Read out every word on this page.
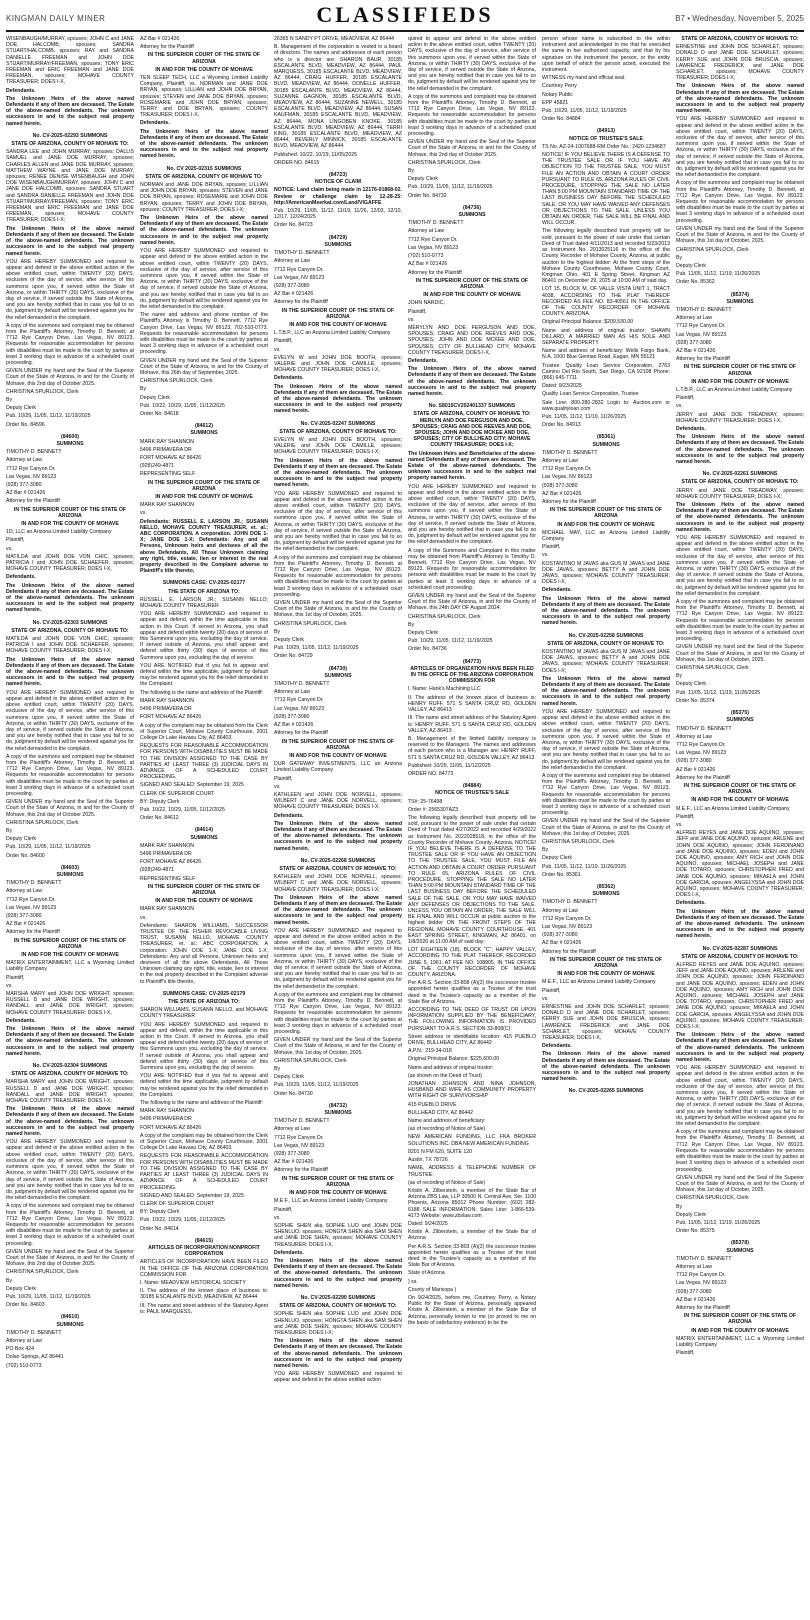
KINGMAN DAILY MINER	CLASSIFIEDS	B7 • Wednesday, November 5, 2025

WISENBAUGH/MURRAY, spouses; JOHN C and JANE DOE HALCOMB, spouses; SANDRA STUART/HALCOMB, spouses; RAY and SANDRA DANIELLE FREEMAN and JOHN DOE STUART/MURRAY/FREEMAN, spouses; TONY ERIC FREEMAN and ERIC FREEMAN and JANE DOE FREEMAN, spouses; MOHAVE COUNTY TREASURER; DOES I-X,

Defendants.

The Unknown Heirs of the above named Defendants if any of them are deceased. The Estate of the above-named defendants. The unknown successors in and to the subject real property named herein.

No. CV-2025-02293 SUMMONS

STATE OF ARIZONA, COUNTY OF MOHAVE TO:

SANDRA LEE and JOHN MURRAY, spouses; DALLIS SAMUEL and JANE DOE MURRAY, spouses; CHARLES ALLEN and JANE DOE MURRAY, spouses; MATTHEW WAYNE and JANE DOE MURRAY, spouses; RENEE DENISE WISENBAUGH and JOHN DOE WISENBAUGH/MURRAY, spouses; JOHN C and JANE DOE HALCOMB, spouses; SANDRA STUART and SANDRA DANIELLE FREEMAN and JOHN DOE STUART/MURRAY/FREEMAN, spouses; TONY ERIC FREEMAN and ERIC FREEMAN and JANE DOE FREEMAN, spouses; MOHAVE COUNTY TREASURER; DOES I-X;

The Unknown Heirs of the above named Defendants if any of them are deceased. The Estate of the above-named defendants. The unknown successors in and to the subject real property named herein.

YOU ARE HEREBY SUMMONED and required to appear and defend in the above entitled action in the above entitled court, within TWENTY (20) DAYS, exclusive of the day of service, after service of this summons upon you, if served within the State of Arizona, or within THIRTY (30) DAYS, exclusive of the day of service, if served outside the State of Arizona, and you are hereby notified that in case you fail to so do, judgment by default will be rendered against you for the relief demanded in the complaint.

A copy of the summons and complaint may be obtained from the Plaintiff's Attorney, Timothy D. Bennett, at 7712 Rye Canyon Drive, Las Vegas, NV 89123. Requests for reasonable accommodation for persons with disabilities must be made to the court by parties at least 3 working days in advance of a scheduled court proceeding.

GIVEN UNDER my hand and the Seal of the Superior Court of the State of Arizona, in and for the County of Mohave, this 2nd day of October 2025.

CHRISTINA SPURLOCK, Clerk

By

Deputy Clerk

Pub. 10/29, 11/05, 11/12, 11/19/2025

Order No. 84596

(84600)
SUMMONS

TIMOTHY D. BENNETT

Attorney at Law

7712 Rye Canyon Dr.

Las Vegas, NV 89123

(928) 377-3080

AZ Bar # 021426

Attorney for the Plaintiff

IN THE SUPERIOR COURT OF THE STATE OF ARIZONA

IN AND FOR THE COUNTY OF MOHAVE

1D, LLC an Arizona Limited Liability Company

Plaintiff,

vs.

MATILDA and JOHN DOE VON CHIC, spouses; PATRICIA I and JOHN DOE SCHAEFER, spouses; MOHAVE COUNTY TREASURER; DOES I-X,

Defendants.

The Unknown Heirs of the above named Defendants if any of them are deceased. The Estate of the above-named defendants. The unknown successors in and to the subject real property named herein.

No. CV-2025-02303 SUMMONS

STATE OF ARIZONA, COUNTY OF MOHAVE TO:

MATILDA and JOHN DOE VON CHIC, spouses; PATRICIA I and JOHN DOE SCHAEFER, spouses; MOHAVE COUNTY TREASURER; DOES I-X;

The Unknown Heirs of the above named Defendants if any of them are deceased. The Estate of the above-named defendants. The unknown successors in and to the subject real property named herein.

YOU ARE HEREBY SUMMONED and required to appear and defend in the above entitled action in the above entitled court, within TWENTY (20) DAYS, exclusive of the day of service, after service of this summons upon you, if served within the State of Arizona, or within THIRTY (30) DAYS, exclusive of the day of service, if served outside the State of Arizona, and you are hereby notified that in case you fail to so do, judgment by default will be rendered against you for the relief demanded in the complaint.

A copy of the summons and complaint may be obtained from the Plaintiff's Attorney, Timothy D. Bennett, at 7712 Rye Canyon Drive, Las Vegas, NV 89123. Requests for reasonable accommodation for persons with disabilities must be made to the court by parties at least 3 working days in advance of a scheduled court proceeding.

GIVEN UNDER my hand and the Seal of the Superior Court of the State of Arizona, in and for the County of Mohave, this 2nd day of October 2025.

CHRISTINA SPURLOCK, Clerk

By

Deputy Clerk

Pub. 10/29, 11/05, 11/12, 11/19/2025

Order No. 84600

(84603)
SUMMONS

TIMOTHY D. BENNETT

Attorney at Law

7712 Rye Canyon Dr.

Las Vegas, NV 89123

(928) 377-3080

AZ Bar # 021426

Attorney for the Plaintiff

IN THE SUPERIOR COURT OF THE STATE OF ARIZONA

IN AND FOR THE COUNTY OF MOHAVE

MATRIX ENTERTAINMENT, LLC a Wyoming Limited Liability Company

Plaintiff,

vs.

MARSHA MARY and JOHN DOE WRIGHT, spouses; RUSSELL D and JANE DOE WRIGHT, spouses; RANDALL and JANE DOE WRIGHT, spouses; MOHAVE COUNTY TREASURER; DOES I-X,

Defendants.

The Unknown Heirs of the above named Defendants if any of them are deceased. The Estate of the above-named defendants. The unknown successors in and to the subject real property named herein.

No. CV-2025-02304 SUMMONS

STATE OF ARIZONA, COUNTY OF MOHAVE TO:

MARSHA MARY and JOHN DOE WRIGHT, spouses; RUSSELL D and JANE DOE WRIGHT, spouses; RANDALL and JANE DOE WRIGHT, spouses; MOHAVE COUNTY TREASURER; DOES I-X;

The Unknown Heirs of the above named Defendants if any of them are deceased. The Estate of the above-named defendants. The unknown successors in and to the subject real property named herein.

YOU ARE HEREBY SUMMONED and required to appear and defend in the above entitled action in the above entitled court, within TWENTY (20) DAYS, exclusive of the day of service, after service of this summons upon you, if served within the State of Arizona, or within THIRTY (30) DAYS, exclusive of the day of service, if served outside the State of Arizona, and you are hereby notified that in case you fail to so do, judgment by default will be rendered against you for the relief demanded in the complaint.

A copy of the summons and complaint may be obtained from the Plaintiff's Attorney, Timothy D. Bennett, at 7712 Rye Canyon Drive, Las Vegas, NV 89123. Requests for reasonable accommodation for persons with disabilities must be made to the court by parties at least 3 working days in advance of a scheduled court proceeding.

GIVEN UNDER my hand and the Seal of the Superior Court of the State of Arizona, in and for the County of Mohave, this 2nd day of October 2025.

CHRISTINA SPURLOCK, Clerk

By

Deputy Clerk

Pub. 10/29, 11/05, 11/12, 11/19/2025

Order No. 84603

(84610)
SUMMONS

TIMOTHY D. BENNETT

Attorney at Law

PO Box 424

Dolan Springs, AZ 86441

(702) 510-0773

AZ Bar # 021426

Attorney for the Plaintiff

IN THE SUPERIOR COURT OF THE STATE OF ARIZONA

IN AND FOR THE COUNTY OF MOHAVE

TEN SLEEP TECH, LLC a Wyoming Limited Liability Company, Plaintiff, vs. NORMAN and JANE DOE BRYAN, spouses; LILLIAN and JOHN DOE BRYAN, spouses; STEVEN and JANE DOE BRYAN, spouses; ROSEMARIE and JOHN DOE BRYAN, spouses; TERRY and DOE BRYAN, spouses; COUNTY TREASURER; DOES I-X,

Defendants.

The Unknown Heirs of the above named Defendants if any of them are deceased. The Estate of the above-named defendants. The unknown successors in and to the subject real property named herein.

No. CV 2025-02315 SUMMONS

STATE OF ARIZONA, COUNTY OF MOHAVE TO:

NORMAN and JANE DOE BRYAN, spouses; LILLIAN and JOHN DOE BRYAN, spouses; STEVEN and JANE DOE BRYAN, spouses; ROSEMARIE and JOHN DOE BRYAN, spouses; TERRY and JOHN DOE BRYAN, spouses; COUNTY TREASURER; DOES I-X;

The Unknown Heirs of the above named Defendants if any of them are deceased. The Estate of the above-named defendants. The unknown successors in and to the subject real property named herein.

YOU ARE HEREBY SUMMONED and required to appear and defend in the above entitled action in the above entitled court, within TWENTY (20) DAYS, exclusive of the day of service, after service of this summons upon you, if served within the State of Arizona, or within THIRTY (30) DAYS, exclusive of the day of service, if served outside the State of Arizona, and you are hereby notified that in case you fail to so do, judgment by default will be rendered against you for the relief demanded in the complaint.

The name and address and phone number of the Plaintiff's Attorney is Timothy D. Bennett, 7712 Rye Canyon Drive, Las Vegas, NV 89123, 702-510-0773. Requests for reasonable accommodation for persons with disabilities must be made to the court by parties at least 3 working days in advance of a scheduled court proceeding.

GIVEN UNDER my hand and the Seal of the Superior Court of the State of Arizona, in and for the County of Mohave, this 26th day of September, 2025.

CHRISTINA SPURLOCK, Clerk

By

Deputy Clerk

Pub. 10/22, 10/29, 11/05, 11/12/2025

Order No. 84618

(84612)
SUMMONS

MARK RAY SHANNON

5496 PRIMAVERA DR

FORT MOHAVE AZ 86426

(928)249-4871

REPRESENTING SELF

IN THE SUPERIOR COURT OF THE STATE OF ARIZONA

IN AND FOR THE COUNTY OF MOHAVE

MARK RAY SHANNON

vs.

Defendants: RUSSELL E. LARSON JR.; SUSANN NELLO, MOHAVE COUNTY TREASURER, et. al.; ABC CORPORATION. A corporation. JOHN DOE 1-X; JANE DOE 1-X; Defendants: Any and all Persons, Unknown heirs and devisees of all the above Defendants, All Those Unknown claiming any right, title, estate, lien or interest in the real property described in the Complaint adverse to Plaintiff's title thereto,

SUMMONS CASE: CV-2025-02177

THE STATE OF ARIZONA TO:

RUSSELL E. LARSON JR.; SUSANN NELLO; MOHAVE COUNTY TREASURER

YOU ARE HEREBY SUMMONED and required to appear and defend, within the time applicable in this action in this Court. If served in Arizona, you shall appear and defend within twenty (20) days of service of this Summons upon you, excluding the day of service. If served outside of Arizona, you shall appear and defend within thirty (30) days of service of this Summons upon you, excluding the day of service.

YOU ARE NOTIFIED that if you fail to appear and defend within the time applicable, judgment by default may be rendered against you for the relief demanded in the Complaint.

The following is the name and address of the Plaintiff:

MARK RAY SHANNON

5496 PRIMAVERA DR

FORT MOHAVE AZ 86426

A copy of the complaint may be obtained from the Clerk of Superior Court, Mohave County Courthouse, 2001 College Dr Lake Havasu City, AZ 86403.

REQUESTS FOR REASONABLE ACCOMMODATION FOR PERSONS WITH DISABILITIES MUST BE MADE TO THE DIVISION ASSIGNED TO THE CASE BY PARTIES AT LEAST THREE (3) JUDICIAL DAYS IN ADVANCE OF A SCHEDULED COURT PROCEEDING.

SIGNED AND SEALED: September 19, 2025

CLERK OF SUPERIOR COURT

BY: Deputy Clerk

Pub. 10/22, 10/29, 11/05, 11/12/2025

Order No. 84612

(84614)
SUMMONS

MARK RAY SHANNON

5496 PRIMAVERA DR

FORT MOHAVE AZ 86426

(928)249-4871

REPRESENTING SELF

IN THE SUPERIOR COURT OF THE STATE OF ARIZONA

IN AND FOR THE COUNTY OF MOHAVE

MARK RAY SHANNON

vs.

Defendants: SHARON WILLIAMS, SUCCESSOR TRUSTEE OF THE FISHER REVOCABLE LIVING TRUST, SUSANN NELLO, MOHAVE COUNTY TREASURER, et. al.; ABC CORPORATION. A corporation. JOHN DOE 1-X; JANE DOE 1-X; Defendants: Any and all Persons, Unknown heirs and devisees of all the above Defendants, All Those Unknown claiming any right, title, estate, lien or interest in the real property described in the Complaint adverse to Plaintiff's title thereto,

SUMMONS CASE: CV-2025-02179

THE STATE OF ARIZONA TO:

SHARON WILLIAMS, SUSANN NELLO, and MOHAVE COUNTY TREASURER

YOU ARE HEREBY SUMMONED and required to appear and defend, within the time applicable in this action in this Court. If served in Arizona, you shall appear and defend within twenty (20) days of service of this Summons upon you, excluding the day of service. If served outside of Arizona, you shall appear and defend within thirty (30) days of service of this Summons upon you, excluding the day of service.

YOU ARE NOTIFIED that if you fail to appear and defend within the time applicable, judgment by default may be rendered against you for the relief demanded in the Complaint.

The following is the name and address of the Plaintiff:

MARK RAY SHANNON

5496 PRIMAVERA DR

FORT MOHAVE AZ 86426

A copy of the complaint may be obtained from the Clerk of Superior Court, Mohave County Courthouse, 2001 College Dr Lake Havasu City, AZ 86403.

REQUESTS FOR REASONABLE ACCOMMODATION FOR PERSONS WITH DISABILITIES MUST BE MADE TO THE DIVISION ASSIGNED TO THE CASE BY PARTIES AT LEAST THREE (3) JUDICIAL DAYS IN ADVANCE OF A SCHEDULED COURT PROCEEDING.

SIGNED AND SEALED: September 19, 2025

CLERK OF SUPERIOR COURT

BY: Deputy Clerk

Pub. 10/22, 10/29, 11/05, 11/12/2025

Order No. 84614

(84615)
ARTICLES OF INCORPORATION NONPROFIT CORPORATION

ARTICLES OF INCORPORATION HAVE BEEN FILED IN THE OFFICE OF THE ARIZONA CORPORATION COMMISSION FOR

I. Name: MEADVIEW HISTORICAL SOCIETY

II. The address of the known place of business is: 30185 ESCALANTE BLVD, MEADVIEW, AZ 86444

III. The name and street address of the Statutory Agent is: PAUL MARQUESS,

26365 N SANDY PT DRIVE, MEADVIEW, AZ 86444

B. Management of the corporation is vested in a board of directors. The names and addresses of each person who is a director are: SHARON BAUR, 30185 ESCALANTE BLVD, MEADVIEW, AZ 86444, PAUL MARQUESS, 30185 ESCALANTE BLVD, MEADVIEW, AZ 86444, CRAIG HUFFER, 30185 ESCALANTE BLVD, MEADVIEW, AZ 86444, DONELLE HUFFER, 30185 ESCALANTE BLVD, MEADVIEW, AZ 86444, SUZANNE GAGNON, 30185 ESCALANTE BLVD, MEADVIEW, AZ 86444, SUZANNE NEWELL, 30185 ESCALANTE BLVD, MEADVIEW, AZ 86444, SUSAN KAUFMAN, 30185 ESCALANTE BLVD, MEADVIEW, AZ 86444, MONA LINGOBEN KNOKE, 30185 ESCALANTE BLVD, MEADVIEW, AZ 86444, TERRI KING, 30185 ESCALANTE BLVD, MEADVIEW, AZ 86444, BEVERLY MINNICK, 30185 ESCALANTE BLVD, MEADVIEW, AZ 86444

Published: 10/22, 10/29, 11/05/2025

ORDER NO. 84615

(84723)
NOTICE OF CLAIM

NOTICE: Land claim being made in 12176-01868-02. Review or challenge claim by 12-28-25: http://AmericanMeerkat.com/Land/VIGAFFE

Pub. 10/29, 11/05, 11/12, 11/19, 11/26, 12/03, 12/10, 12/17, 12/24/2025

Order No. 84723

(84729)
SUMMONS

TIMOTHY D. BENNETT

Attorney at Law

7712 Rye Canyon Dr.

Las Vegas, NV 89123

(928) 377-3080

AZ Bar # 021426

Attorney for the Plaintiff

IN THE SUPERIOR COURT OF THE STATE OF ARIZONA

IN AND FOR THE COUNTY OF MOHAVE

L.T.B.P., LLC an Arizona Limited Liability Company

Plaintiff,

vs.

EVELYN W and JOHN DOE BOOTH, spouses; VALERIE and JOHN DOE CAMILLE, spouses; MOHAVE COUNTY TREASURER; DOES I-X,

Defendants.

The Unknown Heirs of the above named Defendants if any of them are deceased. The Estate of the above-named defendants. The unknown successors in and to the subject real property named herein.

No. CV-2025-02247 SUMMONS

STATE OF ARIZONA, COUNTY OF MOHAVE TO:

EVELYN W and JOHN DOE BOOTH, spouses; VALERIE and JOHN DOE CAMILLE, spouses; MOHAVE COUNTY TREASURER; DOES I-X;

The Unknown Heirs of the above named Defendants if any of them are deceased. The Estate of the above-named defendants. The unknown successors in and to the subject real property named herein.

YOU ARE HEREBY SUMMONED and required to appear and defend in the above entitled action in the above entitled court, within TWENTY (20) DAYS, exclusive of the day of service, after service of this summons upon you, if served within the State of Arizona, or within THIRTY (30) DAYS, exclusive of the day of service, if served outside the State of Arizona, and you are hereby notified that in case you fail to so do, judgment by default will be rendered against you for the relief demanded in the complaint.

A copy of the summons and complaint may be obtained from the Plaintiff's Attorney, Timothy D. Bennett, at 7712 Rye Canyon Drive, Las Vegas, NV 89123. Requests for reasonable accommodation for persons with disabilities must be made to the court by parties at least 3 working days in advance of a scheduled court proceeding.

GIVEN UNDER my hand and the Seal of the Superior Court of the State of Arizona, in and for the County of Mohave, this 1st day of October, 2025.

CHRISTINA SPURLOCK, Clerk

By

Deputy Clerk

Pub. 10/29, 11/05, 11/12, 11/19/2025

Order No. 84729

(84730)
SUMMONS

TIMOTHY D. BENNETT

Attorney at Law

7712 Rye Canyon Dr.

Las Vegas, NV 89123

(928) 377-3080

AZ Bar # 021426

Attorney for the Plaintiff

IN THE SUPERIOR COURT OF THE STATE OF ARIZONA

IN AND FOR THE COUNTY OF MOHAVE

DUR GATEWAY INVESTMENTS, LLC an Arizona Limited Liability Company

Plaintiff,

vs.

KATHLEEN and JOHN DOE NORVELL, spouses; WILBERT C and JANE DOE NORVELL, spouses; MOHAVE COUNTY TREASURER; DOES I-X,

Defendants.

The Unknown Heirs of the above named Defendants if any of them are deceased. The Estate of the above-named defendants. The unknown successors in and to the subject real property named herein.

No. CV-2025-02268 SUMMONS

STATE OF ARIZONA, COUNTY OF MOHAVE TO:

KATHLEEN and JOHN DOE NORVELL, spouses; WILBERT C and JANE DOE NORVELL, spouses; MOHAVE COUNTY TREASURER; DOES I-X;

The Unknown Heirs of the above named Defendants if any of them are deceased. The Estate of the above-named defendants. The unknown successors in and to the subject real property named herein.

YOU ARE HEREBY SUMMONED and required to appear and defend in the above entitled action in the above entitled court, within TWENTY (20) DAYS, exclusive of the day of service, after service of this summons upon you, if served within the State of Arizona, or within THIRTY (30) DAYS, exclusive of the day of service, if served outside the State of Arizona, and you are hereby notified that in case you fail to so do, judgment by default will be rendered against you for the relief demanded in the complaint.

A copy of the summons and complaint may be obtained from the Plaintiff's Attorney, Timothy D. Bennett, at 7712 Rye Canyon Drive, Las Vegas, NV 89123. Requests for reasonable accommodation for persons with disabilities must be made to the court by parties at least 3 working days in advance of a scheduled court proceeding.

GIVEN UNDER my hand and the Seal of the Superior Court of the State of Arizona, in and for the County of Mohave, this 1st day of October, 2025.

CHRISTINA SPURLOCK, Clerk

By

Deputy Clerk

Pub. 10/29, 11/05, 11/12, 11/19/2025

Order No. 84730

(84732)
SUMMONS

TIMOTHY D. BENNETT

Attorney at Law

7712 Rye Canyon Dr.

Las Vegas, NV 89123

(928) 377-3080

AZ Bar # 021426

Attorney for the Plaintiff

IN THE SUPERIOR COURT OF THE STATE OF ARIZONA

IN AND FOR THE COUNTY OF MOHAVE

M.E.F., LLC an Arizona Limited Liability Company

Plaintiff,

vs.

SOPHIE SHEN aka SOPHIE LUO and JOHN DOE SHENLUO, spouses; HONGTA SHEN aka SAM SHEN and JANE DOE SHEN, spouses; MOHAVE COUNTY TREASURER; DOES I-X,

Defendants.

The Unknown Heirs of the above named Defendants if any of them are deceased. The Estate of the above-named defendants. The unknown successors in and to the subject real property named herein.

No. CV-2025-02290 SUMMONS

STATE OF ARIZONA, COUNTY OF MOHAVE TO:

SOPHIE SHEN aka SOPHIE LUO and JOHN DOE SHENLUO, spouses; HONGTA SHEN aka SAM SHEN and JANE DOE SHEN, spouses; MOHAVE COUNTY TREASURER; DOES I-X;

The Unknown Heirs of the above named Defendants if any of them are deceased. The Estate of the above-named defendants. The unknown successors in and to the subject real property named herein.

YOU ARE HEREBY SUMMONED and required to appear and defend in the above entitled action

quired to appear and defend in the above entitled action in the above entitled court, within TWENTY (20) DAYS, exclusive of the day of service, after service of this summons upon you, if served within the State of Arizona, or within THIRTY (30) DAYS, exclusive of the day of service, if served outside the State of Arizona, and you are hereby notified that in case you fail to so do, judgment by default will be rendered against you for the relief demanded in the complaint.

A copy of the summons and complaint may be obtained from the Plaintiff's Attorney, Timothy D. Bennett, at 7712 Rye Canyon Drive, Las Vegas, NV 89123. Requests for reasonable accommodation for persons with disabilities must be made to the court by parties at least 3 working days in advance of a scheduled court proceeding.

GIVEN UNDER my hand and the Seal of the Superior Court of the State of Arizona, in and for the County of Mohave, this 2nd day of October 2025.

CHRISTINA SPURLOCK, Clerk

By

Deputy Clerk

Pub. 10/29, 11/05, 11/12, 11/19/2025

Order No. 84732

(84736)
SUMMONS

TIMOTHY D. BENNETT

Attorney at Law

7712 Rye Canyon Dr.

Las Vegas, NV 89123

(702) 510-0773

AZ Bar # 021426

Attorney for the Plaintiff

IN THE SUPERIOR COURT OF THE STATE OF ARIZONA

IN AND FOR THE COUNTY OF MOHAVE

JOHN NARDIC,

Plaintiff,

vs.

MERYLYN AND DOE FERGUSON AND DOE, SPOUSES; CRAIG AND DOE REEVES AND DOE, SPOUSES; JOHN AND DOE MCKEE AND DOE, SPOUSES; CITY OF BULLHEAD CITY; MOHAVE COUNTY TREASURER; DOES I-X,

Defendants.

The Unknown Heirs of the above named Defendants if any of them are deceased. The Estate of the above-named defendants. The unknown successors in and to the subject real property named herein.

No. S8015CV202401337 SUMMONS

STATE OF ARIZONA, COUNTY OF MOHAVE TO: MERLYN AND DOE FERGUSON AND DOE, SPOUSES; CRAIG AND DOE REEVES AND DOE, SPOUSES; JOHN AND DOE MCKEE AND DOE, SPOUSES; CITY OF BULLHEAD CITY; MOHAVE COUNTY TREASURER; DOES I-X;

The Unknown Heirs and Beneficiaries of the above-named Defendants if any of them are deceased. The Estate of the above-named defendants. The unknown successors in and to the subject real property named herein.

YOU ARE HEREBY SUMMONED and required to appear and defend in the above entitled action in the above entitled court, within TWENTY (20) DAYS, exclusive of the day of service, after service of this summons upon you, if served within the State of Arizona, or within THIRTY (30) DAYS, exclusive of the day of service, if served outside the State of Arizona, and you are hereby notified that in case you fail to so do, judgment by default will be rendered against you for the relief demanded in the complaint.

A copy of the Summons and Complaint in this matter may be obtained from Plaintiff's Attorney is Timothy D. Bennett, 7712 Rye Canyon Drive, Las Vegas, NV 89123. Requests for reasonable accommodation for persons with disabilities must be made to the court by parties at least 3 working days in advance of a scheduled court proceeding.

GIVEN UNDER my hand and the Seal of the Superior Court of the State of Arizona, in and for the County of Mohave, this 24th DAY OF August 2024.

CHRISTINA SPURLOCK, Clerk

By

Deputy Clerk

Pub. 10/29, 11/05, 11/12, 11/19/2025

Order No. 84736

(84773)
ARTICLES OF ORGANIZATION HAVE BEEN FILED IN THE OFFICE OF THE ARIZONA CORPORATION COMMISSION FOR

I. Name: Hank's Machining LLC

II. The address of the known place of business is: HENRY RUFF, 571 S SANTA CRUZ RD, GOLDEN VALLEY, AZ 86413

III. The name and street address of the Statutory Agent is: HENRY RUFF, 571 S SANTA CRUZ RD, GOLDEN VALLEY, AZ 86413

B. Management of the limited liability company is reserved to the Managers. The names and addresses of each person who is a Manager are: HENRY RUFF, 571 S SANTA CRUZ RD, GOLDEN VALLEY, AZ 86413

Published: 10/29, 11/05, 11/12/2025

ORDER NO. 84773

(84884)
NOTICE OF TRUSTEE'S SALE

TS#: 25-76498

Order #: 2565307AZ3

The following legally described trust property will be sold, pursuant to the power of sale under that certain Deed of Trust dated 4/27/2022 and recorded 4/29/2022 as Instrument No. 2022028518, in the office of the County Recorder of Mohave County, Arizona, NOTICE! IF YOU BELIEVE THERE IS A DEFENSE TO THE TRUSTEE SALE OR IF YOU HAVE AN OBJECTION TO THE TRUSTEE SALE, YOU MUST FILE AN ACTION AND OBTAIN A COURT ORDER PURSUANT TO RULE 65, ARIZONA RULES OF CIVIL PROCEDURE, STOPPING THE SALE NO LATER THAN 5:00 PM MOUNTAIN STANDARD TIME OF THE LAST BUSINESS DAY BEFORE THE SCHEDULED SALE OF THE SALE, OR YOU MAY HAVE WAIVED ANY DEFENSES OR OBJECTIONS TO THE SALE. UNLESS YOU OBTAIN AN ORDER, THE SALE WILL BE FINAL AND WILL OCCUR at public auction to the highest bidder ON THE FRONT STEPS OF THE REGIONAL MOHAVE COUNTY COURTHOUSE, 401 EAST SPRING STREET, KINGMAN, AZ 86401, on 1/8/2026 at 11:00 AM of said day:

LOT EIGHTEEN (18), BLOCK "C", HAPPY VALLEY, ACCORDING TO THE PLAT THEREOF, RECORDED JUNE 5, 1961, AT FEE NO. 108905, IN THE OFFICE OF THE COUNTY RECORDER OF MOHAVE COUNTY, ARIZONA.

Per A.R.S. Section 33-808 (A)(2) the successor trustee appointed herein qualifies as a Trustee of the trust deed in the Trustee's capacity as a member of the State Bar of Arizona.

ACCORDING TO THE DEED OF TRUST OR UPON INFORMATION SUPPLIED BY THE BENEFICIARY, THE FOLLOWING INFORMATION IS PROVIDED PURSUANT TO A.R.S. SECTION 33-808(C):

Street address or identifiable location: 415 PUEBLO DRIVE, BULLHEAD CITY, AZ 86442

A.P.N.: 219-34-018

Original Principal Balance: $225,600.00

Name and address of original trustor:

(as shown on the Deed of Trust)

JONATHAN JOHNSON AND NINA JOHNSON, HUSBAND AND WIFE AS COMMUNITY PROPERTY WITH RIGHT OF SURVIVORSHIP

415 PUEBLO DRIVE

BULLHEAD CITY, AZ 86442

Name and address of beneficiary:

(as of recording of Notice of Sale)

NEW AMERICAN FUNDING, LLC FKA BROKER SOLUTIONS INC. DBA NEW AMERICAN FUNDING

8201 N FM 620, SUITE 120

Austin, TX 78726

NAME, ADDRESS & TELEPHONE NUMBER OF TRUSTEE:

(as of recording of Notice of Sale)

Kristin A. Zilberstein, a member of the State Bar of Arizona ZBS Law, LLP 30500 N. Central Ave, Ste. 1100 Phoenix, Arizona 85012 Phone Number: (602) 282-6188 SALE INFORMATION: Sales Line: 1-866-539-4173 Website: www.zbslaw.com

Dated: 9/24/2025

Kristin A. Zilberstein, a member of the State Bar of Arizona

Per A.R.S. Section 33-803 (A)(2) the successor trustee appointed herein qualifies as a Trustee of the trust deed in the Trustee's capacity as a member of the State Bar of Arizona.

State of Arizona

) ss.

County of Maricopa )

On 9/24/2025, before me, Courtney Perry, a Notary Public for the State of Arizona, personally appeared Kristin A. Zilberstein, a member of the State Bar of Arizona, personally known to me (or proved to me on the basis of satisfactory evidence) to be the

person whose name is subscribed to the within instrument and acknowledged to me that he executed the same in her authorized capacity, and that by his signature on the instrument the person, or the entity upon behalf of which the person acted, executed the instrument.

WITNESS my hand and official seal.

Courtney Perry

Notary Public

EPP 45821

Pub. 10/29, 11/05, 11/12, 11/19/2025

Order No. 84884

(84913)
NOTICE OF TRUSTEE'S SALE

TS No. AZ-24-1007688-RM Order No.: 2420-1234687

NOTICE! IF YOU BELIEVE THERE IS A DEFENSE TO THE TRUSTEE SALE OR IF YOU HAVE AN OBJECTION TO THE TRUSTEE SALE, YOU MUST FILE AN ACTION AND OBTAIN A COURT ORDER PURSUANT TO RULE 65, ARIZONA RULES OF CIVIL PROCEDURE, STOPPING THE SALE NO LATER THAN 5:00 PM MOUNTAIN STANDARD TIME OF THE LAST BUSINESS DAY BEFORE THE SCHEDULED SALE, OR YOU MAY HAVE WAIVED ANY DEFENSES OR OBJECTIONS TO THE SALE. UNLESS YOU OBTAIN AN ORDER, THE SALE WILL BE FINAL AND WILL OCCUR.

The following legally described trust property will be sold, pursuant to the power of sale under that certain Deed of Trust dated 4/11/2013 and recorded 5/23/2013 as Instrument No. 2013025116 in the office of the County Recorder of Mohave County, Arizona, at public auction to the highest bidder: At the front steps of the Mohave County Courthouse, Mohave County Court, Kingman Ohio, 401 E Spring Street, Kingman AZ 86401 on December 29, 2025 at 10:00 AM of said day.

LOT 15, BLOCK M, OF VALLE VISTA UNIT 1, TRACT 4038, ACCORDING TO THE PLAT THEREOF RECORDED AS FEE NO. 83-40561 IN THE OFFICE OF THE COUNTY RECORDER OF MOHAVE COUNTY, ARIZONA.

Original Principal Balance: $209,530.00

Name and address of original trustor: SHAWN DILLARD, A MARRIED MAN AS HIS SOLE AND SEPARATE PROPERTY

Name and address of beneficiary: Wells Fargo Bank, N.A. 1000 Blue Gentian Road, Eagan, MN 55121

Trustee: Quality Loan Service Corporation, 2763 Camino Del Rio South, San Diego, CA 92108 Phone: (866) 645-7711

Dated: 9/23/2025

Quality Loan Service Corporation, Trustee

Sale Line: 800-280-2832 Login to: Auction.com or www.qualityloan.com

Pub. 11/05, 11/12, 11/19, 11/26/2025

Order No. 84913

(85361)
SUMMONS

TIMOTHY D. BENNETT

Attorney at Law

7712 Rye Canyon Dr.

Las Vegas, NV 89123

(928) 377-3080

AZ Bar # 021426

Attorney for the Plaintiff

IN THE SUPERIOR COURT OF THE STATE OF ARIZONA

IN AND FOR THE COUNTY OF MOHAVE

MICHAEL MAY, LLC an Arizona Limited Liability Company

Plaintiff,

vs.

KOSTANTINO M JAVAS aka GUS M JAVAS and JANE DOE JAVAS, spouses; BETTY A and JOHN DOE JAVAS, spouses; MOHAVE COUNTY TREASURER; DOES I-X,

Defendants.

The Unknown Heirs of the above named Defendants if any of them are deceased. The Estate of the above-named defendants. The unknown successors in and to the subject real property named herein.

No. CV-2025-02258 SUMMONS

STATE OF ARIZONA, COUNTY OF MOHAVE TO:

KOSTANTINO M JAVAS aka GUS M JAVAS and JANE DOE JAVAS, spouses; BETTY A and JOHN DOE JAVAS, spouses; MOHAVE COUNTY TREASURER; DOES I-X;

The Unknown Heirs of the above named Defendants if any of them are deceased. The Estate of the above-named defendants. The unknown successors in and to the subject real property named herein.

YOU ARE HEREBY SUMMONED and required to appear and defend in the above entitled action in the above entitled court, within TWENTY (20) DAYS, exclusive of the day of service, after service of this summons upon you, if served within the State of Arizona, or within THIRTY (30) DAYS, exclusive of the day of service, if served outside the State of Arizona, and you are hereby notified that in case you fail to so do, judgment by default will be rendered against you for the relief demanded in the complaint.

A copy of the summons and complaint may be obtained from the Plaintiff's Attorney, Timothy D. Bennett, at 7712 Rye Canyon Drive, Las Vegas, NV 89123. Requests for reasonable accommodation for persons with disabilities must be made to the court by parties at least 3 working days in advance of a scheduled court proceeding.

GIVEN UNDER my hand and the Seal of the Superior Court of the State of Arizona, in and for the County of Mohave, this 1st day of October, 2025.

CHRISTINA SPURLOCK, Clerk

By

Deputy Clerk

Pub. 11/05, 11/12, 11/19, 11/26/2025

Order No. 85361

(85362)
SUMMONS

TIMOTHY D. BENNETT

Attorney at Law

7712 Rye Canyon Dr.

Las Vegas, NV 89123

(928) 377-3080

AZ Bar # 021426

Attorney for the Plaintiff

IN THE SUPERIOR COURT OF THE STATE OF ARIZONA

IN AND FOR THE COUNTY OF MOHAVE

M.E.F., LLC an Arizona Limited Liability Company

Plaintiff,

vs.

ERNESTINE and JOHN DOE SCHARLET, spouses; DONALD D and JANE DOE SCHARLET, spouses; KERRY SUE and JOHN DOE BRUSCIA, spouses; LAWRENCE FREDERICK and JANE DOE SCHARLET, spouses; MOHAVE COUNTY TREASURER; DOES I-X,

Defendants.

The Unknown Heirs of the above named Defendants if any of them are deceased. The Estate of the above-named defendants. The unknown successors in and to the subject real property named herein.

No. CV-2025-02265 SUMMONS

STATE OF ARIZONA, COUNTY OF MOHAVE TO:

ERNESTINE and JOHN DOE SCHARLET, spouses; DONALD D and JANE DOE SCHARLET, spouses; KERRY SUE and JOHN DOE BRUSCIA, spouses; LAWRENCE FREDERICK and JANE DOE SCHARLET, spouses; MOHAVE COUNTY TREASURER; DOES I-X;

The Unknown Heirs of the above named Defendants if any of them are deceased. The Estate of the above-named defendants. The unknown successors in and to the subject real property named herein.

YOU ARE HEREBY SUMMONED and required to appear and defend in the above entitled action in the above entitled court, within TWENTY (20) DAYS, exclusive of the day of service, after service of this summons upon you, if served within the State of Arizona, or within THIRTY (30) DAYS, exclusive of the day of service, if served outside the State of Arizona, and you are hereby notified that in case you fail to so do, judgment by default will be rendered against you for the relief demanded in the complaint.

A copy of the summons and complaint may be obtained from the Plaintiff's Attorney, Timothy D. Bennett, at 7712 Rye Canyon Drive, Las Vegas, NV 89123. Requests for reasonable accommodation for persons with disabilities must be made to the court by parties at least 3 working days in advance of a scheduled court proceeding.

GIVEN UNDER my hand and the Seal of the Superior Court of the State of Arizona, in and for the County of Mohave, this 1st day of October, 2025.

CHRISTINA SPURLOCK, Clerk

By

Deputy Clerk

Pub. 11/05, 11/12, 11/19, 11/26/2025

Order No. 85362

(85374)
SUMMONS

TIMOTHY D. BENNETT

Attorney at Law

7712 Rye Canyon Dr.

Las Vegas, NV 89123

(928) 377-3080

AZ Bar # 021426

Attorney for the Plaintiff

IN THE SUPERIOR COURT OF THE STATE OF ARIZONA

IN AND FOR THE COUNTY OF MOHAVE

L.T.B.P., LLC an Arizona Limited Liability Company

Plaintiff,

vs.

JERRY and JANE DOE TREADWAY, spouses; MOHAVE COUNTY TREASURER; DOES I-X,

Defendants.

The Unknown Heirs of the above named Defendants if any of them are deceased. The Estate of the above-named defendants. The unknown successors in and to the subject real property named herein.

No. CV-2025-02261 SUMMONS

STATE OF ARIZONA, COUNTY OF MOHAVE TO:

JERRY and JANE DOE TREADWAY, spouses; MOHAVE COUNTY TREASURER; DOES I-X;

The Unknown Heirs of the above named Defendants if any of them are deceased. The Estate of the above-named defendants. The unknown successors in and to the subject real property named herein.

YOU ARE HEREBY SUMMONED and required to appear and defend in the above entitled action in the above entitled court, within TWENTY (20) DAYS, exclusive of the day of service, after service of this summons upon you, if served within the State of Arizona, or within THIRTY (30) DAYS, exclusive of the day of service, if served outside the State of Arizona, and you are hereby notified that in case you fail to so do, judgment by default will be rendered against you for the relief demanded in the complaint.

A copy of the summons and complaint may be obtained from the Plaintiff's Attorney, Timothy D. Bennett, at 7712 Rye Canyon Drive, Las Vegas, NV 89123. Requests for reasonable accommodation for persons with disabilities must be made to the court by parties at least 3 working days in advance of a scheduled court proceeding.

GIVEN UNDER my hand and the Seal of the Superior Court of the State of Arizona, in and for the County of Mohave, this 1st day of October, 2025.

CHRISTINA SPURLOCK, Clerk

By

Deputy Clerk

Pub. 11/05, 11/12, 11/19, 11/26/2025

Order No. 85374

(85375)
SUMMONS

TIMOTHY D. BENNETT

Attorney at Law

7712 Rye Canyon Dr.

Las Vegas, NV 89123

(928) 377-3080

AZ Bar # 021426

Attorney for the Plaintiff

IN THE SUPERIOR COURT OF THE STATE OF ARIZONA

IN AND FOR THE COUNTY OF MOHAVE

M.E.F., LLC an Arizona Limited Liability Company

Plaintiff,

vs.

ALFRED REYES and JANE DOE AQUINO, spouses; JEFF and JANE DOE AQUINO, spouses; ARLENE and JOHN DOE AQUINO, spouses; JOHN FERDINAND and JANE DOE AQUINO, spouses; EDEN and JOHN DOE AQUINO, spouses; AMY RICH and JOHN DOE AQUINO, spouses; MICHAEL JOSEPH and JANE DOE TOTARO, spouses; CHRISTOPHER FRED and JANE DOE AQUINO, spouses; MIKAELA and JOHN DOE GARCIA, spouses; ANGELYSSA and JOHN DOE AQUINO, spouses; MOHAVE COUNTY TREASURER; DOES I-X,

Defendants.

The Unknown Heirs of the above named Defendants if any of them are deceased. The Estate of the above-named defendants. The unknown successors in and to the subject real property named herein.

No. CV-2025-02287 SUMMONS

STATE OF ARIZONA, COUNTY OF MOHAVE TO:

ALFRED REYES and JANE DOE AQUINO, spouses; JEFF and JANE DOE AQUINO, spouses; ARLENE and JOHN DOE AQUINO, spouses; JOHN FERDINAND and JANE DOE AQUINO, spouses; EDEN and JOHN DOE AQUINO, spouses; AMY RICH and JOHN DOE AQUINO, spouses; MICHAEL JOSEPH and JANE DOE TOTARO, spouses; CHRISTOPHER FRED and JANE DOE AQUINO, spouses; MIKAELA and JOHN DOE GARCIA, spouses; ANGELYSSA and JOHN DOE AQUINO, spouses; MOHAVE COUNTY TREASURER; DOES I-X;

The Unknown Heirs of the above named Defendants if any of them are deceased. The Estate of the above-named defendants. The unknown successors in and to the subject real property named herein.

YOU ARE HEREBY SUMMONED and required to appear and defend in the above entitled action in the above entitled court, within TWENTY (20) DAYS, exclusive of the day of service, after service of this summons upon you, if served within the State of Arizona, or within THIRTY (30) DAYS, exclusive of the day of service, if served outside the State of Arizona, and you are hereby notified that in case you fail to so do, judgment by default will be rendered against you for the relief demanded in the complaint.

A copy of the summons and complaint may be obtained from the Plaintiff's Attorney, Timothy D. Bennett, at 7712 Rye Canyon Drive, Las Vegas, NV 89123. Requests for reasonable accommodation for persons with disabilities must be made to the court by parties at least 3 working days in advance of a scheduled court proceeding.

GIVEN UNDER my hand and the Seal of the Superior Court of the State of Arizona, in and for the County of Mohave, this 1st day of October, 2025.

CHRISTINA SPURLOCK, Clerk

By

Deputy Clerk

Pub. 11/05, 11/12, 11/19, 11/26/2025

Order No. 85375

(85378)
SUMMONS

TIMOTHY D. BENNETT

Attorney at Law

7712 Rye Canyon Dr.

Las Vegas, NV 89123

(928) 377-3080

AZ Bar # 021426

Attorney for the Plaintiff

IN THE SUPERIOR COURT OF THE STATE OF ARIZONA

IN AND FOR THE COUNTY OF MOHAVE

MATRIX ENTERTAINMENT, LLC a Wyoming Limited Liability Company

Plaintiff,
